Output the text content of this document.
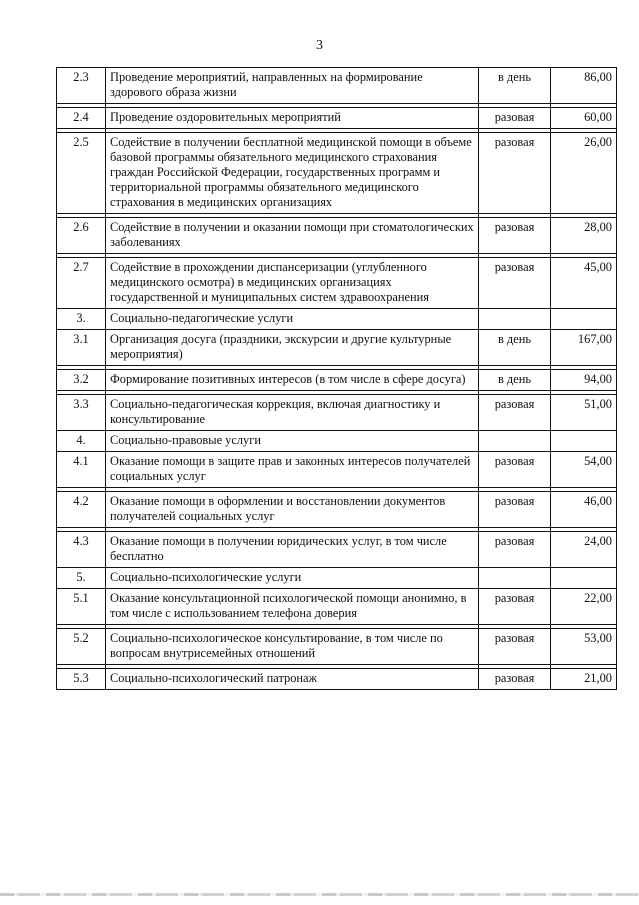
3
2.3	Проведение мероприятий, направленных на формирование здорового образа жизни	в день	86,00

2.4	Проведение оздоровительных мероприятий	разовая	60,00

2.5	Содействие в получении бесплатной медицинской помощи в объеме базовой программы обязательного медицинского страхования граждан Российской Федерации, государственных программ и территориальной программы обязательного медицинского страхования в медицинских организациях	разовая	26,00

2.6	Содействие в получении и оказании помощи при стоматологических заболеваниях	разовая	28,00

2.7	Содействие в прохождении диспансеризации (углубленного медицинского осмотра) в медицинских организациях государственной и муниципальных систем здравоохранения	разовая	45,00
3.	Социально-педагогические услуги		
3.1	Организация досуга (праздники, экскурсии и другие культурные мероприятия)	в день	167,00

3.2	Формирование позитивных интересов (в том числе в сфере досуга)	в день	94,00

3.3	Социально-педагогическая коррекция, включая диагностику и консультирование	разовая	51,00
4.	Социально-правовые услуги		
4.1	Оказание помощи в защите прав и законных интересов получателей социальных услуг	разовая	54,00

4.2	Оказание помощи в оформлении и восстановлении документов получателей социальных услуг	разовая	46,00

4.3	Оказание помощи в получении юридических услуг, в том числе бесплатно	разовая	24,00
5.	Социально-психологические услуги		
5.1	Оказание консультационной психологической помощи анонимно, в том числе с использованием телефона доверия	разовая	22,00

5.2	Социально-психологическое консультирование, в том числе по вопросам внутрисемейных отношений	разовая	53,00

5.3	Социально-психологический патронаж	разовая	21,00
